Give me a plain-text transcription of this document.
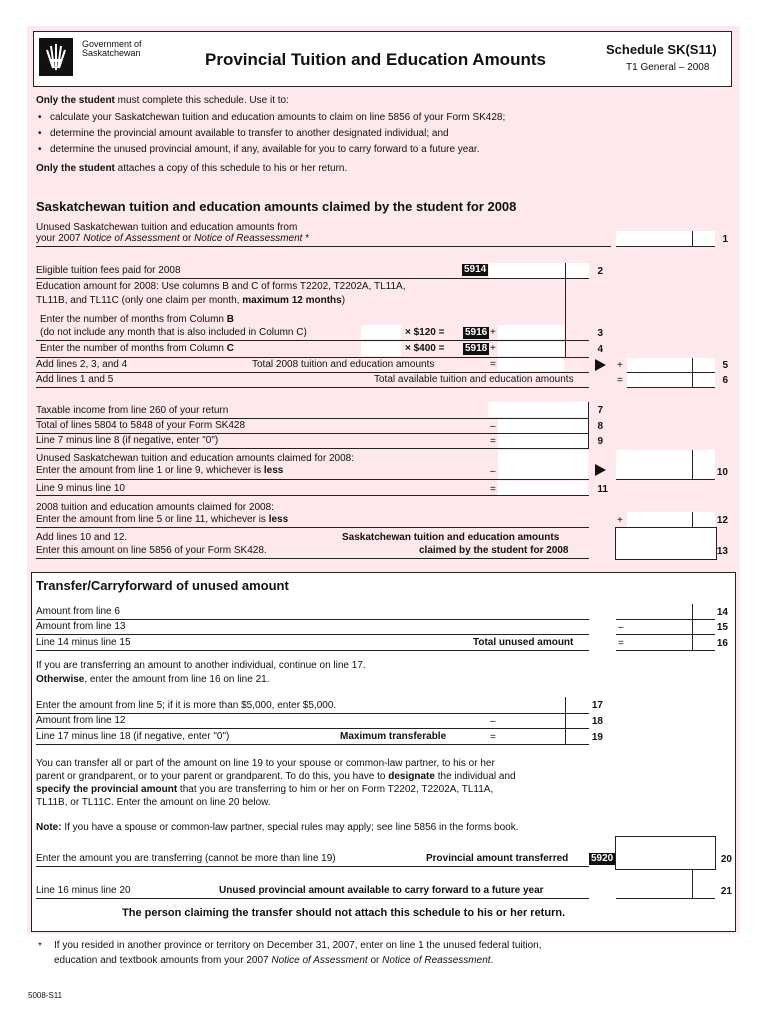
Government of
Saskatchewan	Provincial Tuition and Education Amounts
Schedule SK(S11)
T1 General – 2008
Only the student must complete this schedule. Use it to:
• calculate your Saskatchewan tuition and education amounts to claim on line 5856 of your Form SK428;
• determine the provincial amount available to transfer to another designated individual; and
• determine the unused provincial amount, if any, available for you to carry forward to a future year.
Only the student attaches a copy of this schedule to his or her return.
Saskatchewan tuition and education amounts claimed by the student for 2008
Unused Saskatchewan tuition and education amounts from
your 2007 Notice of Assessment or Notice of Reassessment *	1
Eligible tuition fees paid for 2008	5914	2
Education amount for 2008: Use columns B and C of forms T2202, T2202A, TL11A,
TL11B, and TL11C (only one claim per month, maximum 12 months)
Enter the number of months from Column B
(do not include any month that is also included in Column C)	× $120 = 5916 +	3
Enter the number of months from Column C	× $400 = 5918 +	4
Add lines 2, 3, and 4	Total 2008 tuition and education amounts	=	+	5
Add lines 1 and 5	Total available tuition and education amounts	=	6
Taxable income from line 260 of your return	7
Total of lines 5804 to 5848 of your Form SK428	–	8
Line 7 minus line 8 (if negative, enter "0")	=	9
Unused Saskatchewan tuition and education amounts claimed for 2008:
Enter the amount from line 1 or line 9, whichever is less	–	10
Line 9 minus line 10	=	11
2008 tuition and education amounts claimed for 2008:
Enter the amount from line 5 or line 11, whichever is less	+	12
Add lines 10 and 12.
Enter this amount on line 5856 of your Form SK428.
Saskatchewan tuition and education amounts
claimed by the student for 2008	13
Transfer/Carryforward of unused amount
Amount from line 6	14
Amount from line 13	–	15
Line 14 minus line 15	Total unused amount	=	16
If you are transferring an amount to another individual, continue on line 17.
Otherwise, enter the amount from line 16 on line 21.
Enter the amount from line 5; if it is more than $5,000, enter $5,000.	17
Amount from line 12	–	18
Line 17 minus line 18 (if negative, enter "0")	Maximum transferable	=	19
You can transfer all or part of the amount on line 19 to your spouse or common-law partner, to his or her
parent or grandparent, or to your parent or grandparent. To do this, you have to designate the individual and
specify the provincial amount that you are transferring to him or her on Form T2202, T2202A, TL11A,
TL11B, or TL11C. Enter the amount on line 20 below.
Note: If you have a spouse or common-law partner, special rules may apply; see line 5856 in the forms book.
Enter the amount you are transferring (cannot be more than line 19)	Provincial amount transferred 5920	20
Line 16 minus line 20	Unused provincial amount available to carry forward to a future year	21
The person claiming the transfer should not attach this schedule to his or her return.
* If you resided in another province or territory on December 31, 2007, enter on line 1 the unused federal tuition,
education and textbook amounts from your 2007 Notice of Assessment or Notice of Reassessment.
5008-S11
